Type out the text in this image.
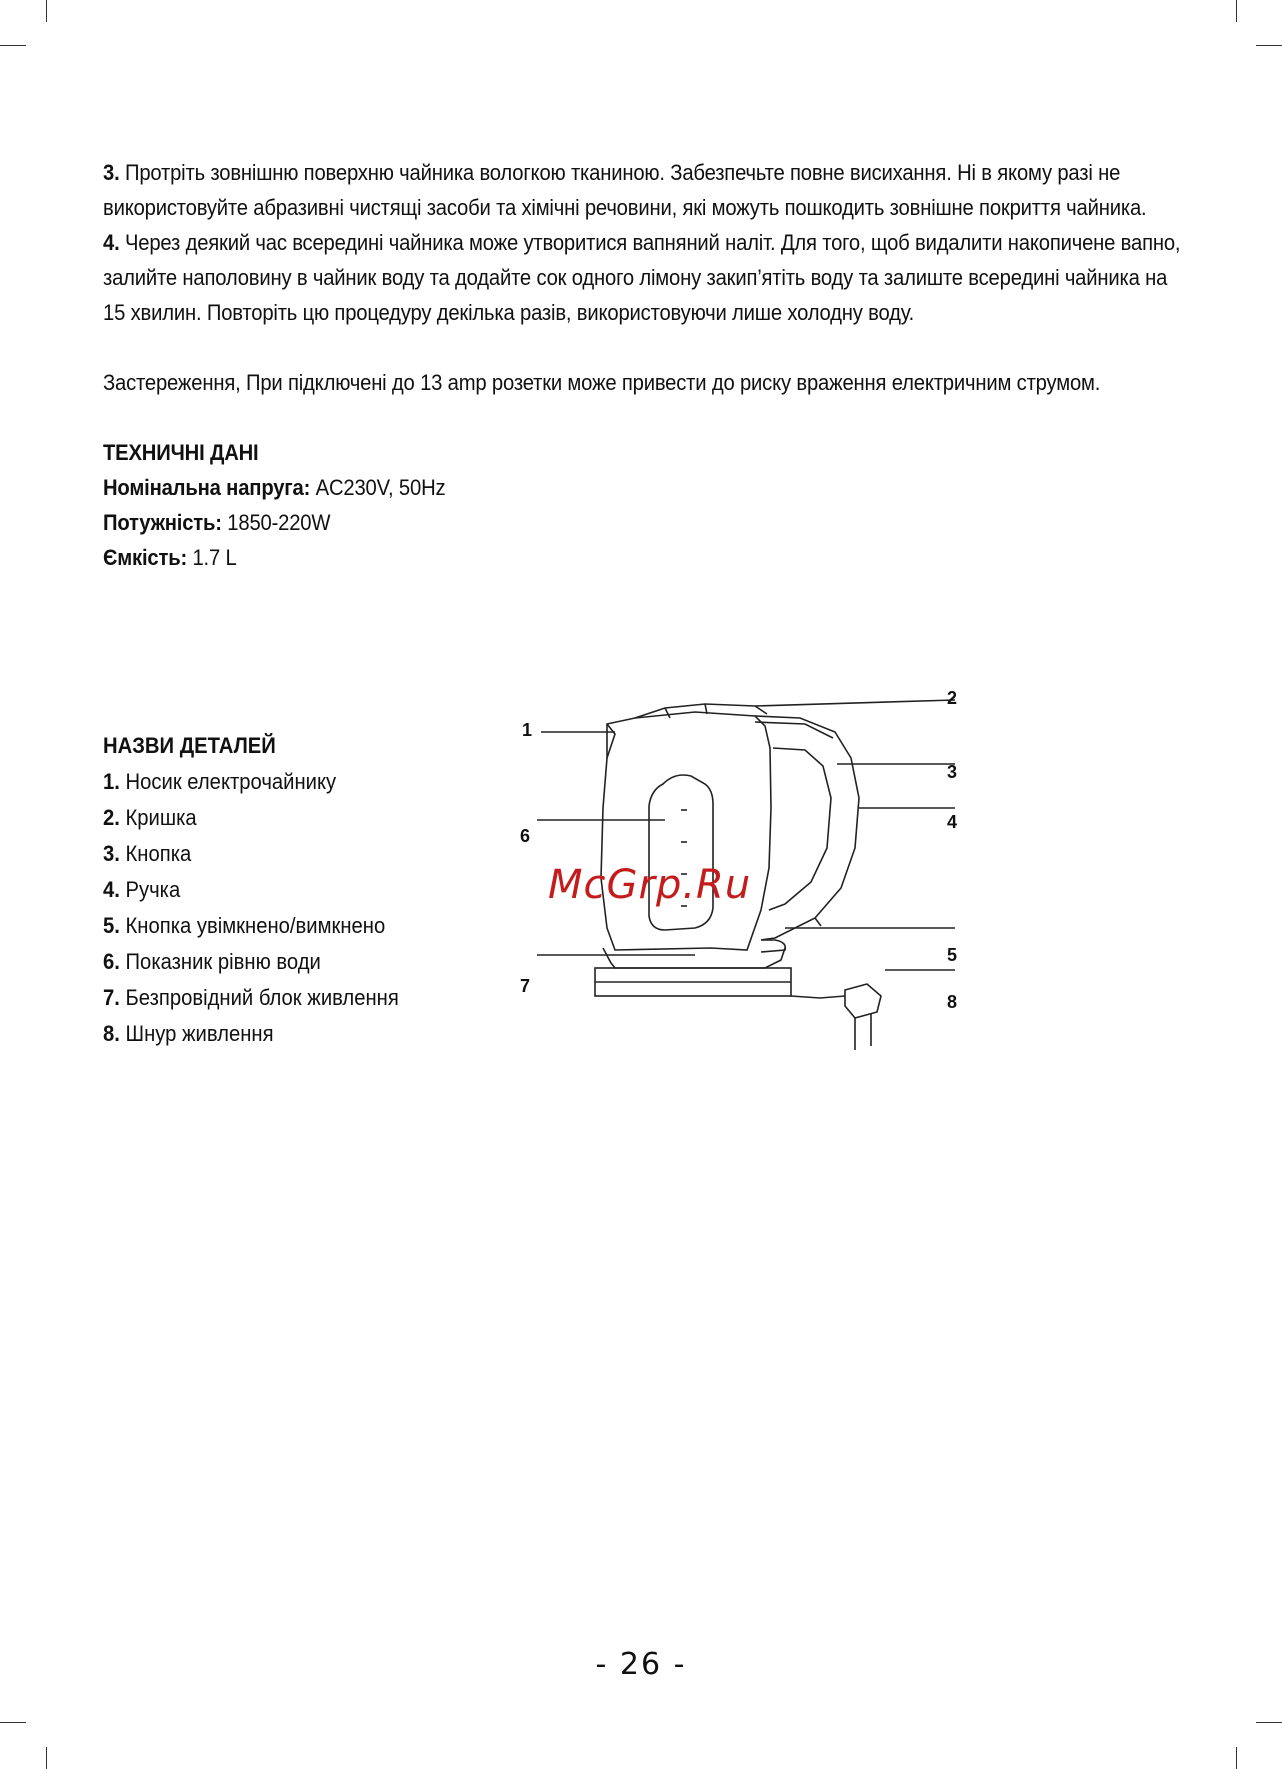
3. Протріть зовнішню поверхню чайника вологкою тканиною. Забезпечьте повне висихання. Ні в якому разі не використовуйте абразивні чистящі засоби та хімічні речовини, які можуть пошкодить зовнішне покриття чайника.

4. Через деякий час всередині чайника може утворитися вапняний наліт. Для того, щоб видалити накопичене вапно, залийте наполовину в чайник воду та додайте сок одного лімону закип’ятіть воду та залиште всередині чайника на 15 хвилин. Повторіть цю процедуру декілька разів, використовуючи лише холодну воду.

Застереження, При підключені до 13 amp розетки може привести до риску враження електричним струмом.

ТЕХНИЧНІ ДАНІ

Номінальна напруга: AC230V, 50Hz

Потужність: 1850-220W

Ємкість: 1.7 L

НАЗВИ ДЕТАЛЕЙ
1. Носик електрочайнику
2. Кришка
3. Кнопка
4. Ручка
5. Кнопка увімкнено/вимкнено
6. Показник рівню води
7. Безпровідний блок живлення
8. Шнур живлення
1
2
3
4
6
5
7
8
McGrp.Ru
- 26 -
